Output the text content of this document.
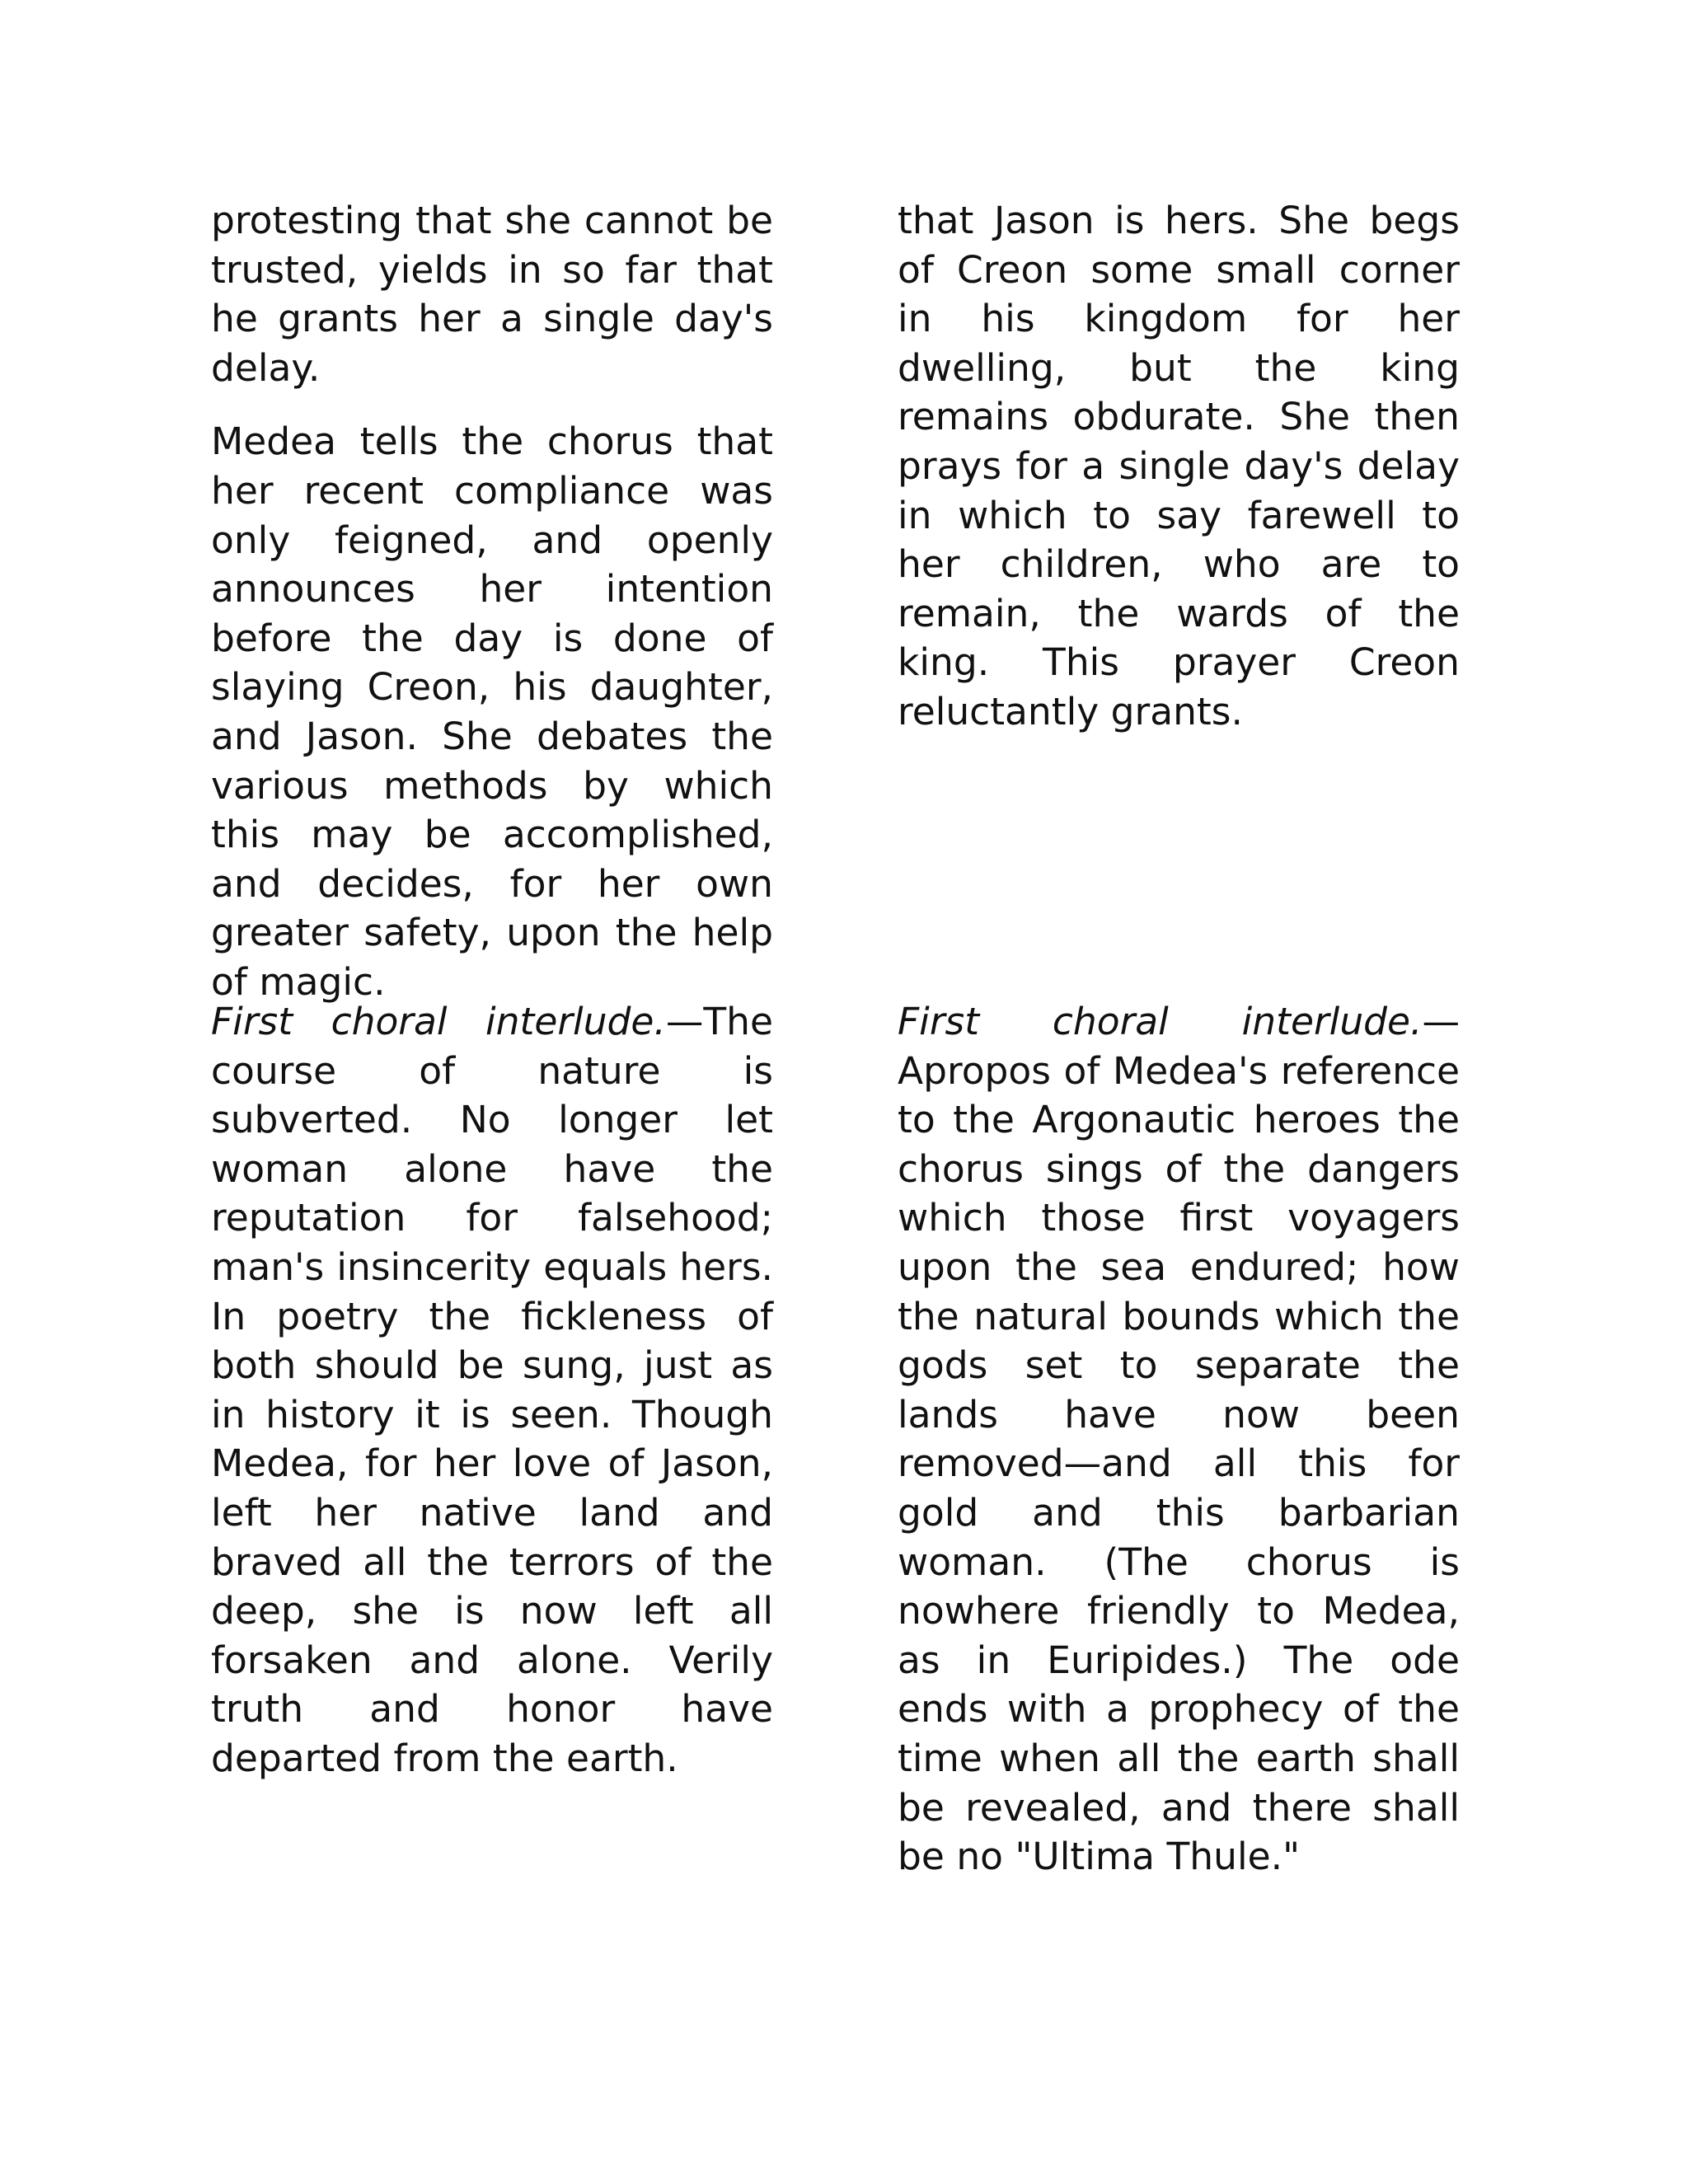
protesting that she cannot be trusted, yields in so far that he grants her a single day's delay.

Medea tells the chorus that her recent compliance was only feigned, and openly announces her intention before the day is done of slaying Creon, his daughter, and Jason. She debates the various methods by which this may be accomplished, and decides, for her own greater safety, upon the help of magic.

that Jason is hers. She begs of Creon some small corner in his kingdom for her dwelling, but the king remains obdurate. She then prays for a single day's delay in which to say farewell to her children, who are to remain, the wards of the king. This prayer Creon reluctantly grants.

First choral interlude.—The course of nature is subverted. No longer let woman alone have the reputation for falsehood; man's insincerity equals hers. In poetry the fickleness of both should be sung, just as in history it is seen. Though Medea, for her love of Jason, left her native land and braved all the terrors of the deep, she is now left all forsaken and alone. Verily truth and honor have departed from the earth.

First choral interlude.— Apropos of Medea's reference to the Argonautic heroes the chorus sings of the dangers which those first voyagers upon the sea endured; how the natural bounds which the gods set to separate the lands have now been removed—and all this for gold and this barbarian woman. (The chorus is nowhere friendly to Medea, as in Euripides.) The ode ends with a prophecy of the time when all the earth shall be revealed, and there shall be no "Ultima Thule."
